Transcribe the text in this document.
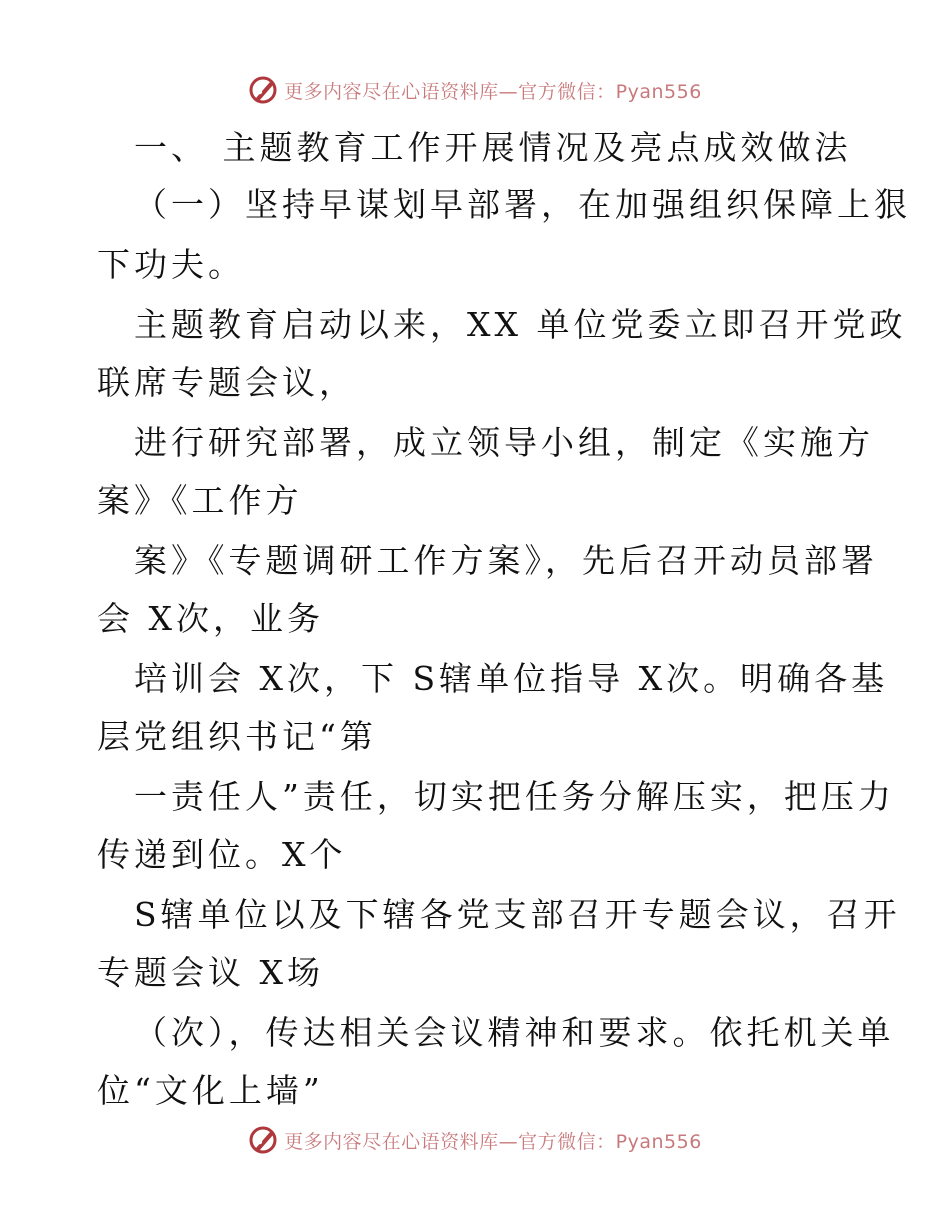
更多内容尽在心语资料库—官方微信：Pyan556
一、 主题教育工作开展情况及亮点成效做法
（一）坚持早谋划早部署，在加强组织保障上狠
下功夫。
主题教育启动以来，XX 单位党委立即召开党政
联席专题会议，
进行研究部署，成立领导小组，制定《实施方
案》《工作方
案》《专题调研工作方案》，先后召开动员部署
会 X次，业务
培训会 X次，下 S辖单位指导 X次。明确各基
层党组织书记“第
一责任人”责任，切实把任务分解压实，把压力
传递到位。X个
S辖单位以及下辖各党支部召开专题会议，召开
专题会议 X场
（次），传达相关会议精神和要求。依托机关单
位“文化上墙”
更多内容尽在心语资料库—官方微信：Pyan556
